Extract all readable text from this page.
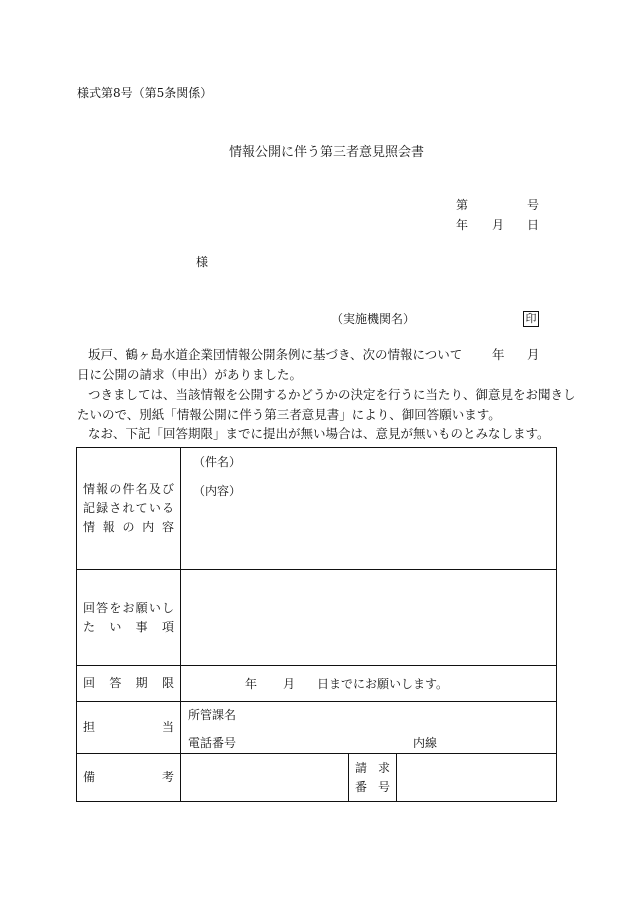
様式第8号（第5条関係）
情報公開に伴う第三者意見照会書
第	号
年 月 日
様
（実施機関名）	印
坂戸、鶴ヶ島水道企業団情報公開条例に基づき、次の情報について 年 月
日に公開の請求（申出）がありました。
つきましては、当該情報を公開するかどうかの決定を行うに当たり、御意見をお聞きし
たいので、別紙「情報公開に伴う第三者意見書」により、御回答願います。
なお、下記「回答期限」までに提出が無い場合は、意見が無いものとみなします。
情報の件名及び記録されている情報の内容	（件名）
（内容）		

回答をお願いしたい事項			

回答期限	年 月 日までにお願いします。		

担当	所管課名
電話番号 内線		

備考		請求
番号	
